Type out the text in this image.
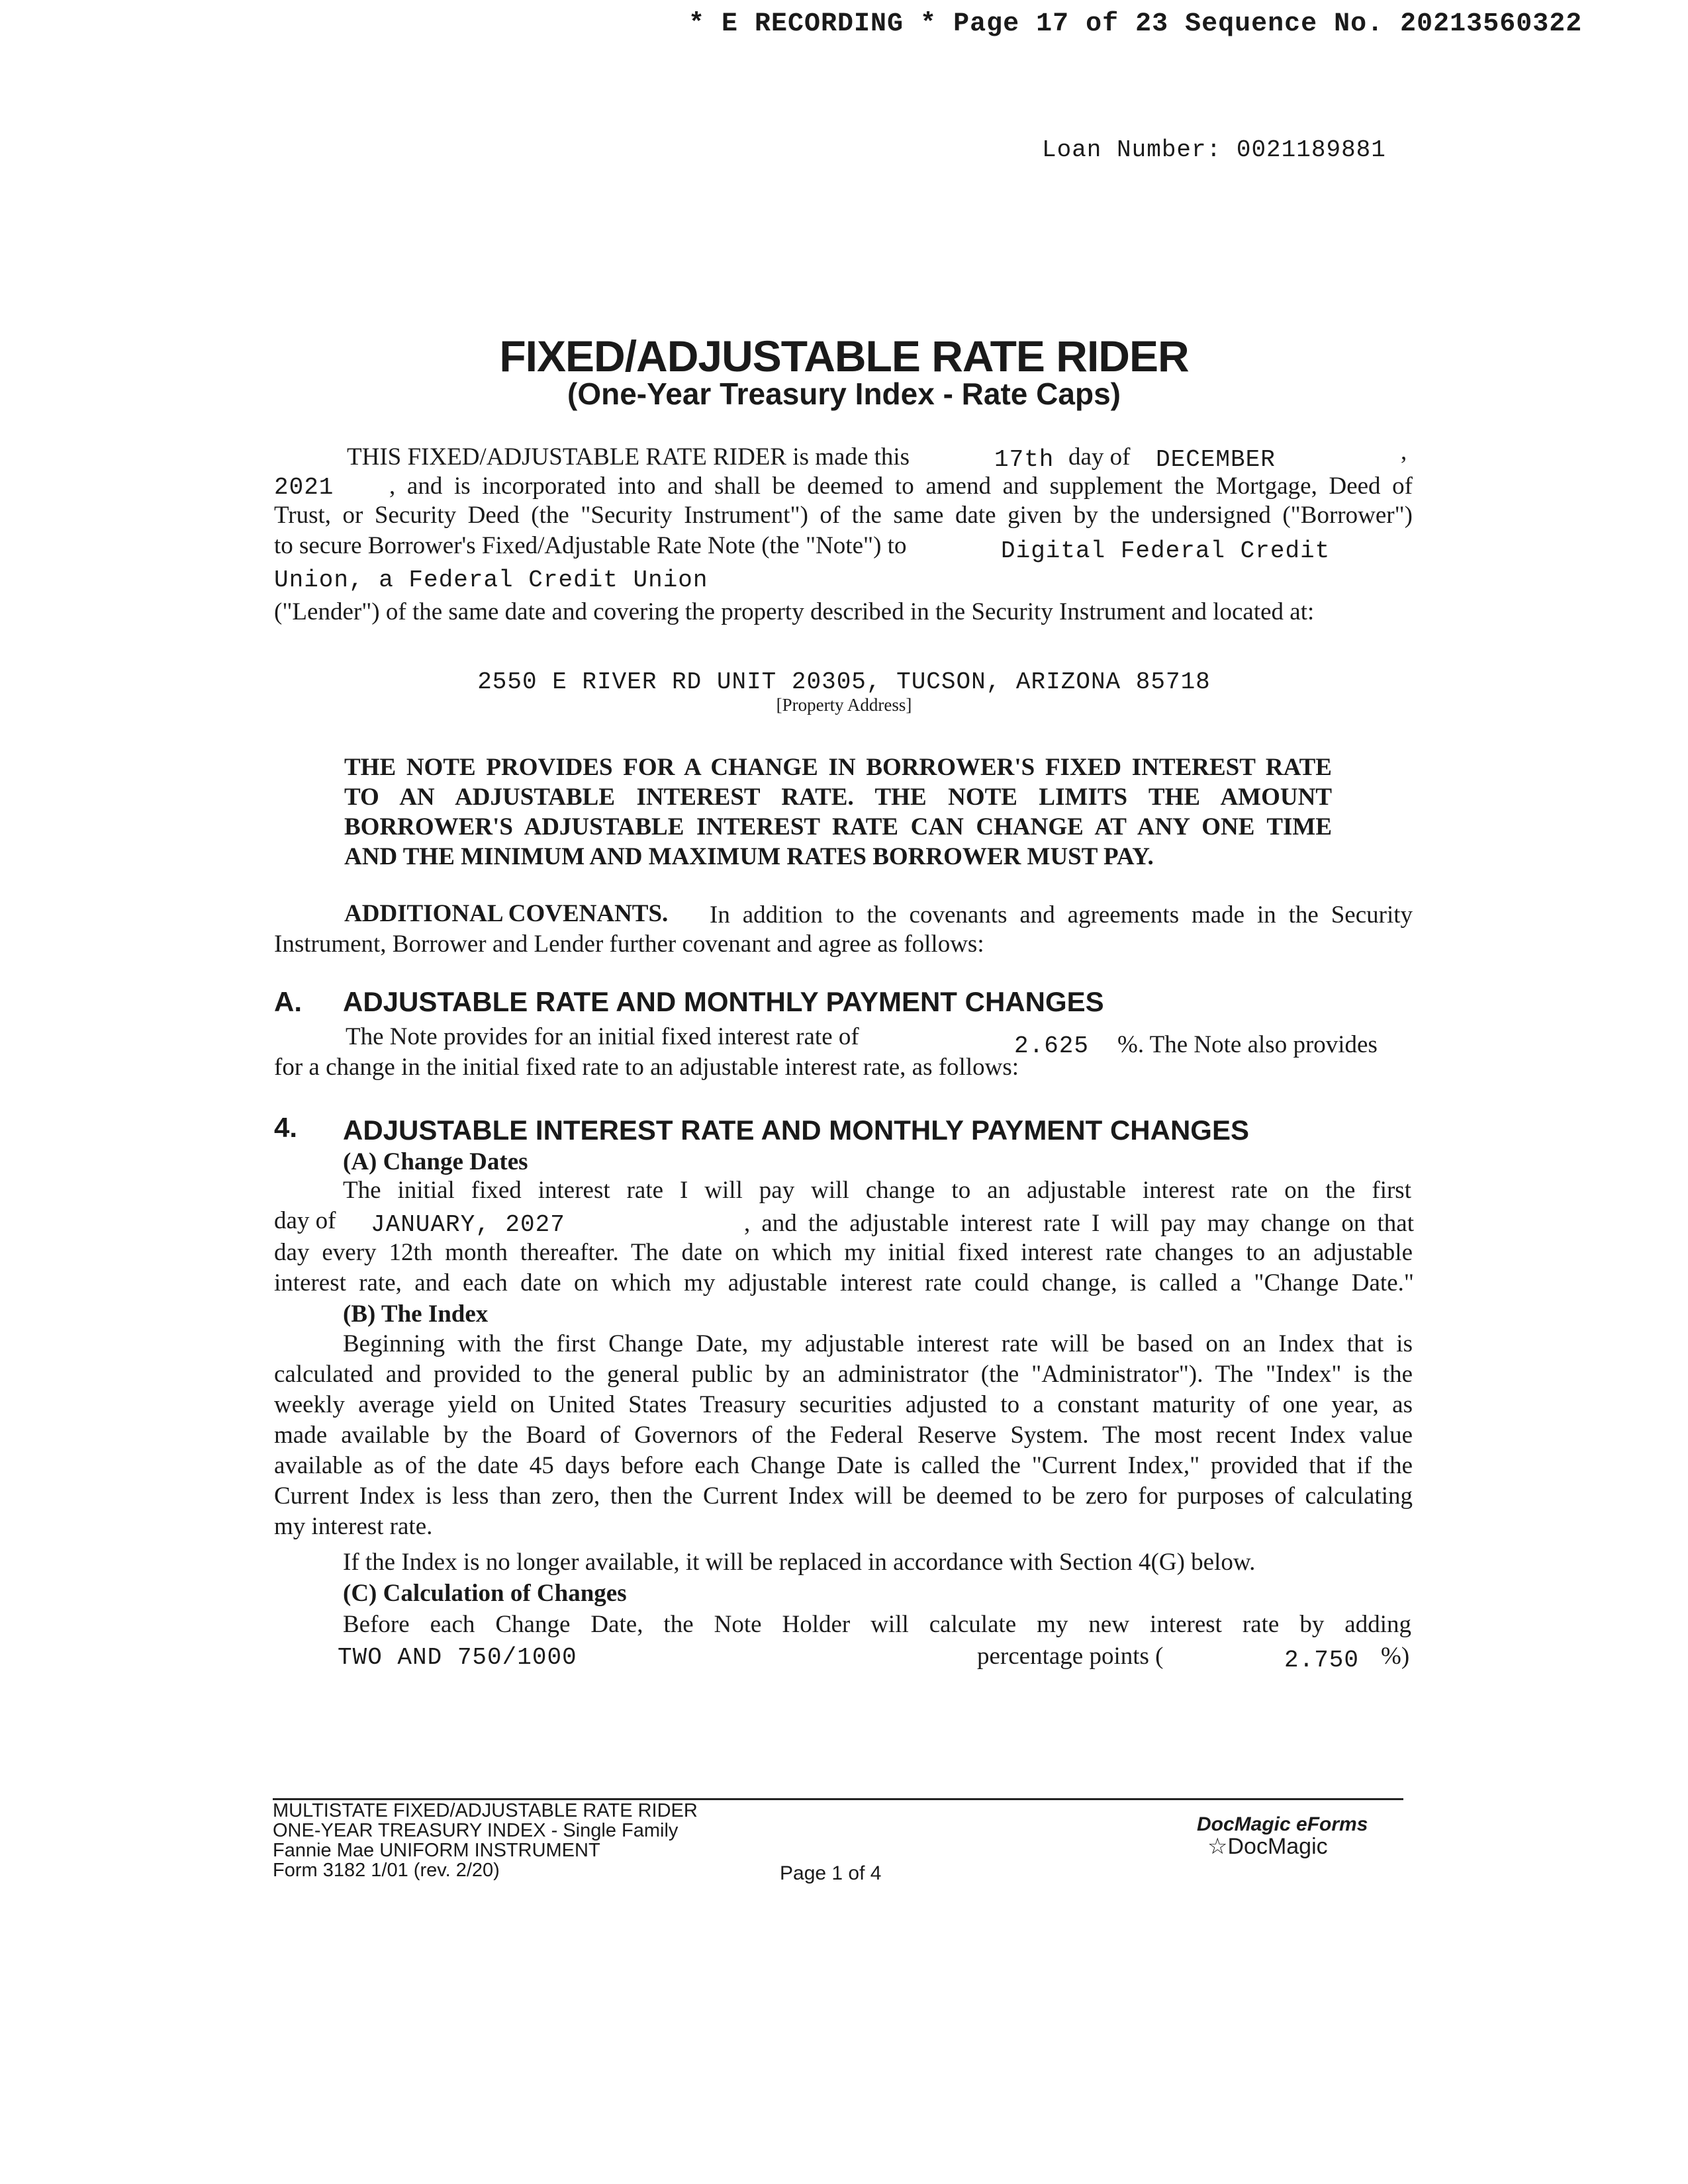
* E RECORDING * Page 17 of 23 Sequence No. 20213560322
Loan Number: 0021189881
FIXED/ADJUSTABLE RATE RIDER
(One-Year Treasury Index - Rate Caps)
THIS FIXED/ADJUSTABLE RATE RIDER is made this	17th day of DECEMBER	,
2021 , and is incorporated into and shall be deemed to amend and supplement the Mortgage, Deed of
Trust, or Security Deed (the "Security Instrument") of the same date given by the undersigned ("Borrower")
to secure Borrower's Fixed/Adjustable Rate Note (the "Note") to	Digital Federal Credit
Union, a Federal Credit Union
("Lender") of the same date and covering the property described in the Security Instrument and located at:
2550 E RIVER RD UNIT 20305, TUCSON, ARIZONA 85718
[Property Address]
THE NOTE PROVIDES FOR A CHANGE IN BORROWER'S FIXED INTEREST RATE
TO AN ADJUSTABLE INTEREST RATE. THE NOTE LIMITS THE AMOUNT
BORROWER'S ADJUSTABLE INTEREST RATE CAN CHANGE AT ANY ONE TIME
AND THE MINIMUM AND MAXIMUM RATES BORROWER MUST PAY.
ADDITIONAL COVENANTS. In addition to the covenants and agreements made in the Security
Instrument, Borrower and Lender further covenant and agree as follows:
A. ADJUSTABLE RATE AND MONTHLY PAYMENT CHANGES
The Note provides for an initial fixed interest rate of	2.625 %. The Note also provides
for a change in the initial fixed rate to an adjustable interest rate, as follows:
4. ADJUSTABLE INTEREST RATE AND MONTHLY PAYMENT CHANGES
(A) Change Dates
The initial fixed interest rate I will pay will change to an adjustable interest rate on the first
day of JANUARY, 2027	, and the adjustable interest rate I will pay may change on that
day every 12th month thereafter. The date on which my initial fixed interest rate changes to an adjustable
interest rate, and each date on which my adjustable interest rate could change, is called a "Change Date."
(B) The Index
Beginning with the first Change Date, my adjustable interest rate will be based on an Index that is
calculated and provided to the general public by an administrator (the "Administrator"). The "Index" is the
weekly average yield on United States Treasury securities adjusted to a constant maturity of one year, as
made available by the Board of Governors of the Federal Reserve System. The most recent Index value
available as of the date 45 days before each Change Date is called the "Current Index," provided that if the
Current Index is less than zero, then the Current Index will be deemed to be zero for purposes of calculating
my interest rate.
If the Index is no longer available, it will be replaced in accordance with Section 4(G) below.
(C) Calculation of Changes
Before each Change Date, the Note Holder will calculate my new interest rate by adding
TWO AND 750/1000	percentage points (	2.750 %)
MULTISTATE FIXED/ADJUSTABLE RATE RIDER
ONE-YEAR TREASURY INDEX - Single Family
Fannie Mae UNIFORM INSTRUMENT
Form 3182 1/01 (rev. 2/20)	Page 1 of 4
DocMagic eForms
☆DocMagic
